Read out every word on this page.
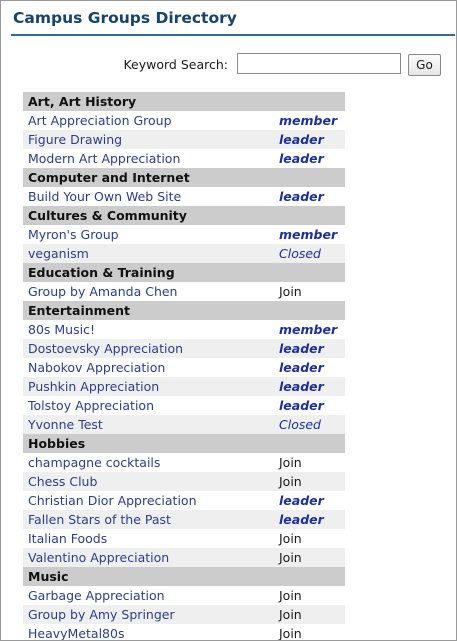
Campus Groups Directory
Keyword Search:	Go
Art, Art History
Art Appreciation Group	member
Figure Drawing	leader
Modern Art Appreciation	leader
Computer and Internet
Build Your Own Web Site	leader
Cultures & Community
Myron's Group	member
veganism	Closed
Education & Training
Group by Amanda Chen	Join
Entertainment
80s Music!	member
Dostoevsky Appreciation	leader
Nabokov Appreciation	leader
Pushkin Appreciation	leader
Tolstoy Appreciation	leader
Yvonne Test	Closed
Hobbies
champagne cocktails	Join
Chess Club	Join
Christian Dior Appreciation	leader
Fallen Stars of the Past	leader
Italian Foods	Join
Valentino Appreciation	Join
Music
Garbage Appreciation	Join
Group by Amy Springer	Join
HeavyMetal80s	Join
